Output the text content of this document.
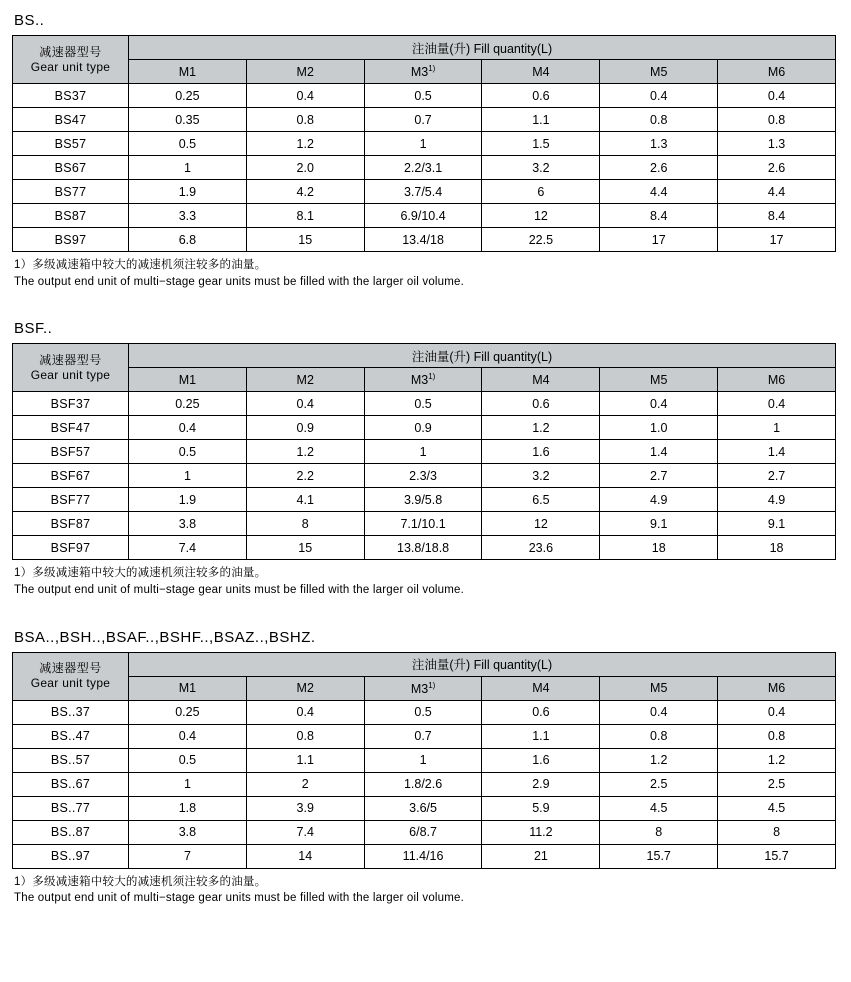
BS..
减速器型号
Gear unit type	注油量(升) Fill quantity(L)					
	M1	M2	M3$^{1)}$	M4	M5	M6
BS37	0.25	0.4	0.5	0.6	0.4	0.4
BS47	0.35	0.8	0.7	1.1	0.8	0.8
BS57	0.5	1.2	1	1.5	1.3	1.3
BS67	1	2.0	2.2/3.1	3.2	2.6	2.6
BS77	1.9	4.2	3.7/5.4	6	4.4	4.4
BS87	3.3	8.1	6.9/10.4	12	8.4	8.4
BS97	6.8	15	13.4/18	22.5	17	17
1）多级减速箱中较大的减速机须注较多的油量。
The output end unit of multi−stage gear units must be filled with the larger oil volume.
BSF..
减速器型号
Gear unit type	注油量(升) Fill quantity(L)					
	M1	M2	M3$^{1)}$	M4	M5	M6
BSF37	0.25	0.4	0.5	0.6	0.4	0.4
BSF47	0.4	0.9	0.9	1.2	1.0	1
BSF57	0.5	1.2	1	1.6	1.4	1.4
BSF67	1	2.2	2.3/3	3.2	2.7	2.7
BSF77	1.9	4.1	3.9/5.8	6.5	4.9	4.9
BSF87	3.8	8	7.1/10.1	12	9.1	9.1
BSF97	7.4	15	13.8/18.8	23.6	18	18
1）多级减速箱中较大的减速机须注较多的油量。
The output end unit of multi−stage gear units must be filled with the larger oil volume.
BSA..,BSH..,BSAF..,BSHF..,BSAZ..,BSHZ.
减速器型号
Gear unit type	注油量(升) Fill quantity(L)					
	M1	M2	M3$^{1)}$	M4	M5	M6
BS..37	0.25	0.4	0.5	0.6	0.4	0.4
BS..47	0.4	0.8	0.7	1.1	0.8	0.8
BS..57	0.5	1.1	1	1.6	1.2	1.2
BS..67	1	2	1.8/2.6	2.9	2.5	2.5
BS..77	1.8	3.9	3.6/5	5.9	4.5	4.5
BS..87	3.8	7.4	6/8.7	11.2	8	8
BS..97	7	14	11.4/16	21	15.7	15.7
1）多级减速箱中较大的减速机须注较多的油量。
The output end unit of multi−stage gear units must be filled with the larger oil volume.
